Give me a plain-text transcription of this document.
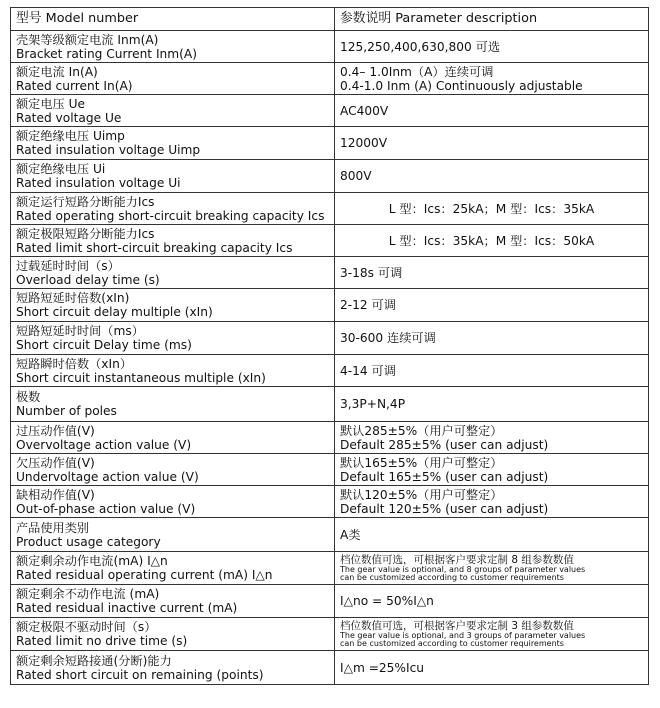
型号 Model number	参数说明 Parameter description

壳架等级额定电流 Inm(A)
Bracket rating Current Inm(A)	125,250,400,630,800 可选

额定电流 In(A)
Rated current In(A)	0.4– 1.0Inm（A）连续可调
0.4-1.0 Inm (A) Continuously adjustable

额定电压 Ue
Rated voltage Ue	AC400V

额定绝缘电压 Uimp
Rated insulation voltage Uimp	12000V

额定绝缘电压 Ui
Rated insulation voltage Ui	800V

额定运行短路分断能力Ics
Rated operating short-circuit breaking capacity Ics	L 型：Ics：25kA；M 型：Ics：35kA

额定极限短路分断能力Ics
Rated limit short-circuit breaking capacity Ics	L 型：Ics：35kA；M 型：Ics：50kA

过载延时时间（s）
Overload delay time (s)	3-18s 可调

短路短延时倍数(xIn)
Short circuit delay multiple (xIn)	2-12 可调

短路短延时时间（ms）
Short circuit Delay time (ms)	30-600 连续可调

短路瞬时倍数（xIn）
Short circuit instantaneous multiple (xIn)	4-14 可调

极数
Number of poles	3,3P+N,4P

过压动作值(V)
Overvoltage action value (V)	默认285±5%（用户可整定）
Default 285±5% (user can adjust)

欠压动作值(V)
Undervoltage action value (V)	默认165±5%（用户可整定）
Default 165±5% (user can adjust)

缺相动作值(V)
Out-of-phase action value (V)	默认120±5%（用户可整定）
Default 120±5% (user can adjust)

产品使用类别
Product usage category	A类

额定剩余动作电流(mA) I△n
Rated residual operating current (mA) I△n	档位数值可选，可根据客户要求定制 8 组参数数值
The gear value is optional, and 8 groups of parameter values
can be customized according to customer requirements

额定剩余不动作电流 (mA)
Rated residual inactive current (mA)	I△no = 50%I△n

额定极限不驱动时间（s）
Rated limit no drive time (s)	档位数值可选，可根据客户要求定制 3 组参数数值
The gear value is optional, and 3 groups of parameter values
can be customized according to customer requirements

额定剩余短路接通(分断)能力
Rated short circuit on remaining (points)	I△m =25%Icu
